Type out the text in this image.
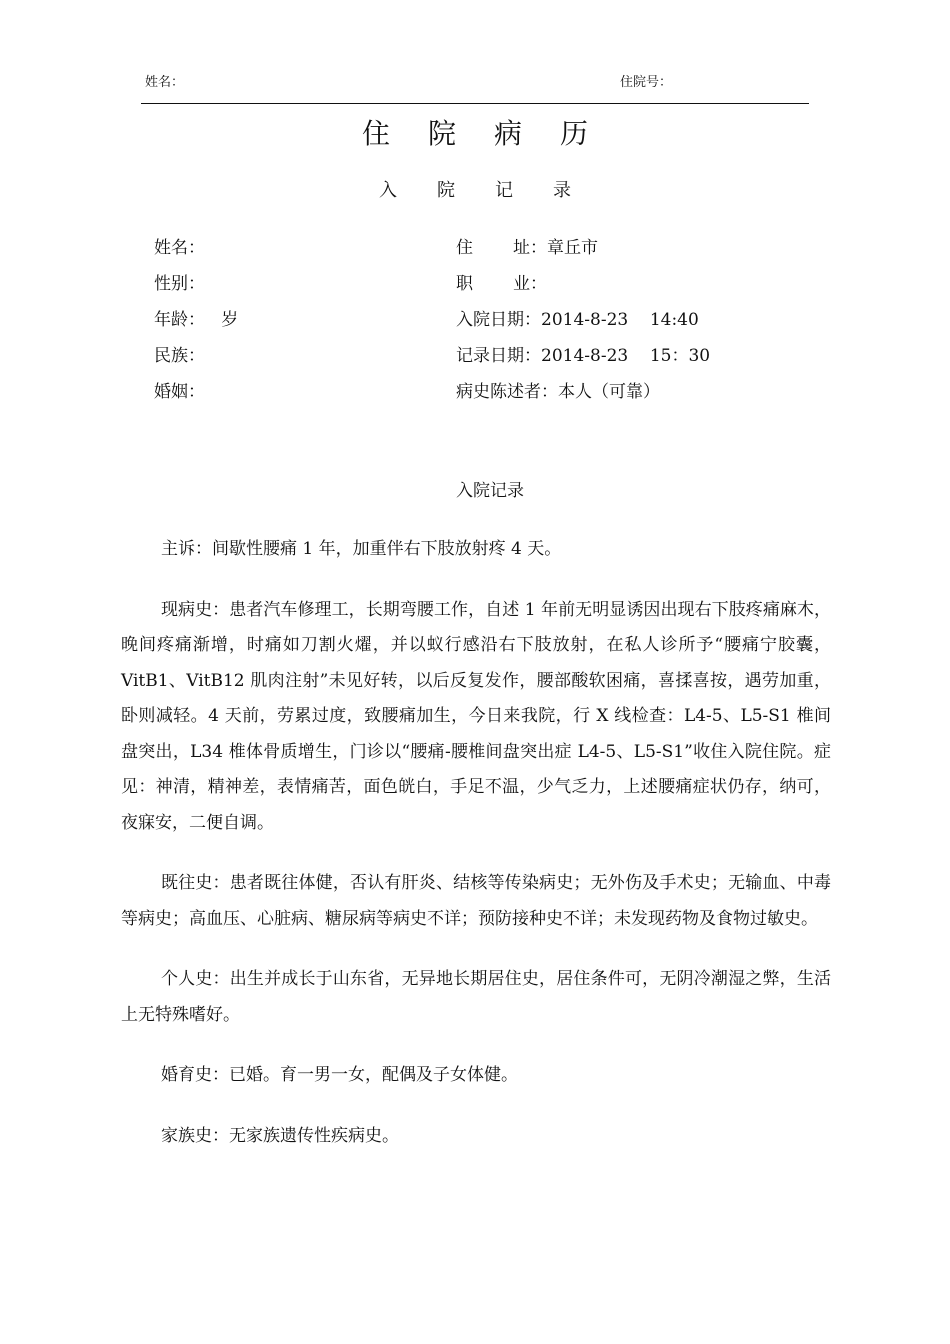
姓名：	住院号：
住院病历
入院记录
姓名：
性别：
年龄：   岁
民族：
婚姻：
住 址：章丘市
职 业：
入院日期：2014-8-23    14:40
记录日期：2014-8-23    15：30
病史陈述者：本人（可靠）
入院记录

主诉：间歇性腰痛 1 年，加重伴右下肢放射疼 4 天。

现病史：患者汽车修理工，长期弯腰工作，自述 1 年前无明显诱因出现右下肢疼痛麻木，晚间疼痛渐增，时痛如刀割火燿，并以蚁行感沿右下肢放射，在私人诊所予“腰痛宁胶囊，VitB1、VitB12 肌肉注射”未见好转，以后反复发作，腰部酸软困痛，喜揉喜按，遇劳加重，卧则减轻。4 天前，劳累过度，致腰痛加生，今日来我院，行 X 线检查：L4-5、L5-S1 椎间盘突出，L34 椎体骨质增生，门诊以“腰痛-腰椎间盘突出症 L4-5、L5-S1”收住入院住院。症见：神清，精神差，表情痛苦，面色㿠白，手足不温，少气乏力，上述腰痛症状仍存，纳可，夜寐安，二便自调。

既往史：患者既往体健，否认有肝炎、结核等传染病史；无外伤及手术史；无输血、中毒等病史；高血压、心脏病、糖尿病等病史不详；预防接种史不详；未发现药物及食物过敏史。

个人史：出生并成长于山东省，无异地长期居住史，居住条件可，无阴冷潮湿之弊，生活上无特殊嗜好。

婚育史：已婚。育一男一女，配偶及子女体健。

家族史：无家族遗传性疾病史。
